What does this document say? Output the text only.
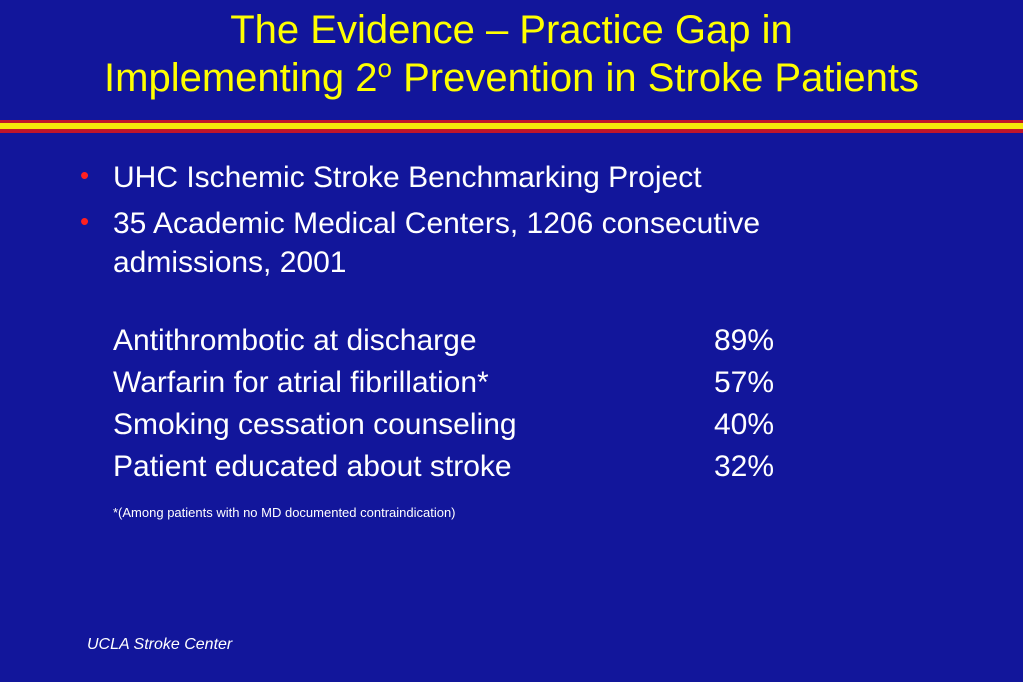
The Evidence – Practice Gap in
Implementing 2$^o$ Prevention in Stroke Patients
• UHC Ischemic Stroke Benchmarking Project
• 35 Academic Medical Centers, 1206 consecutive
admissions, 2001
Antithrombotic at discharge	89%
Warfarin for atrial fibrillation*	57%
Smoking cessation counseling	40%
Patient educated about stroke	32%
*(Among patients with no MD documented contraindication)
UCLA Stroke Center
